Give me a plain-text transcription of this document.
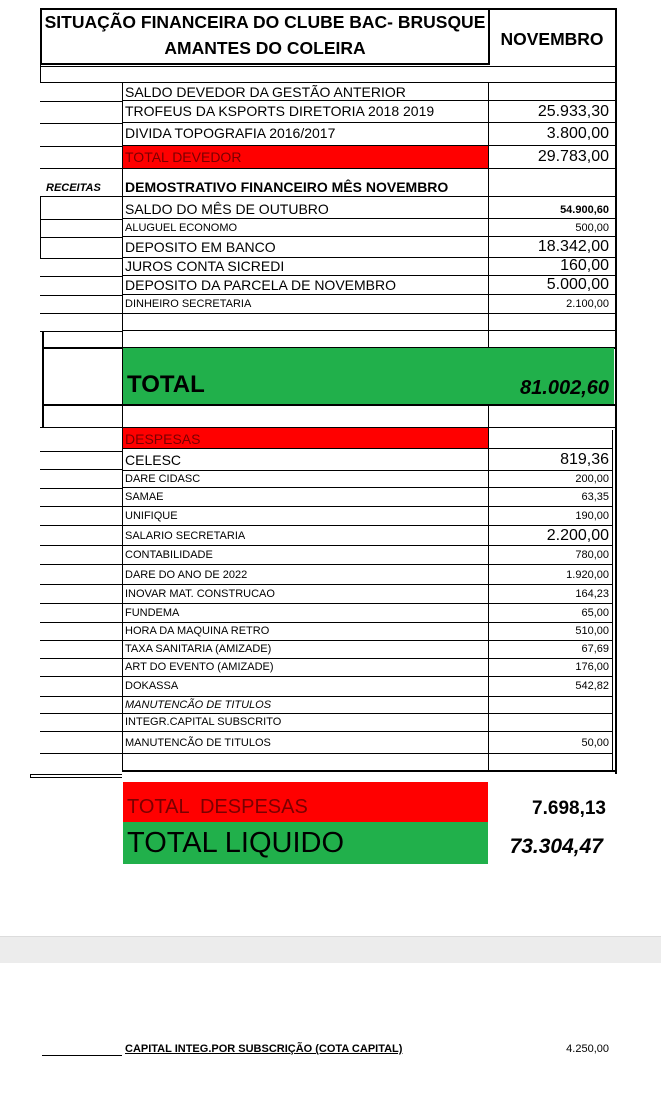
SITUAÇÃO FINANCEIRA DO CLUBE BAC- BRUSQUE
AMANTES DO COLEIRA	NOVEMBRO
SALDO DEVEDOR DA GESTÃO ANTERIOR
TROFEUS DA KSPORTS DIRETORIA 2018 2019	25.933,30
DIVIDA TOPOGRAFIA 2016/2017	3.800,00
TOTAL DEVEDOR	29.783,00
RECEITAS DEMOSTRATIVO FINANCEIRO MÊS NOVEMBRO
SALDO DO MÊS DE OUTUBRO	54.900,60
ALUGUEL ECONOMO	500,00
DEPOSITO EM BANCO	18.342,00
JUROS CONTA SICREDI	160,00
DEPOSITO DA PARCELA DE NOVEMBRO	5.000,00
DINHEIRO SECRETARIA	2.100,00
TOTAL	81.002,60
DESPESAS
CELESC	819,36
DARE CIDASC	200,00
SAMAE	63,35
UNIFIQUE	190,00
SALARIO SECRETARIA	2.200,00
CONTABILIDADE	780,00
DARE DO ANO DE 2022	1.920,00
INOVAR MAT. CONSTRUCAO	164,23
FUNDEMA	65,00
HORA DA MAQUINA RETRO	510,00
TAXA SANITARIA (AMIZADE)	67,69
ART DO EVENTO (AMIZADE)	176,00
DOKASSA	542,82
MANUTENCÃO DE TITULOS
INTEGR.CAPITAL SUBSCRITO
MANUTENCÃO DE TITULOS	50,00
TOTAL  DESPESAS	7.698,13
TOTAL LIQUIDO	73.304,47
CAPITAL INTEG.POR SUBSCRIÇÃO (COTA CAPITAL)	4.250,00
